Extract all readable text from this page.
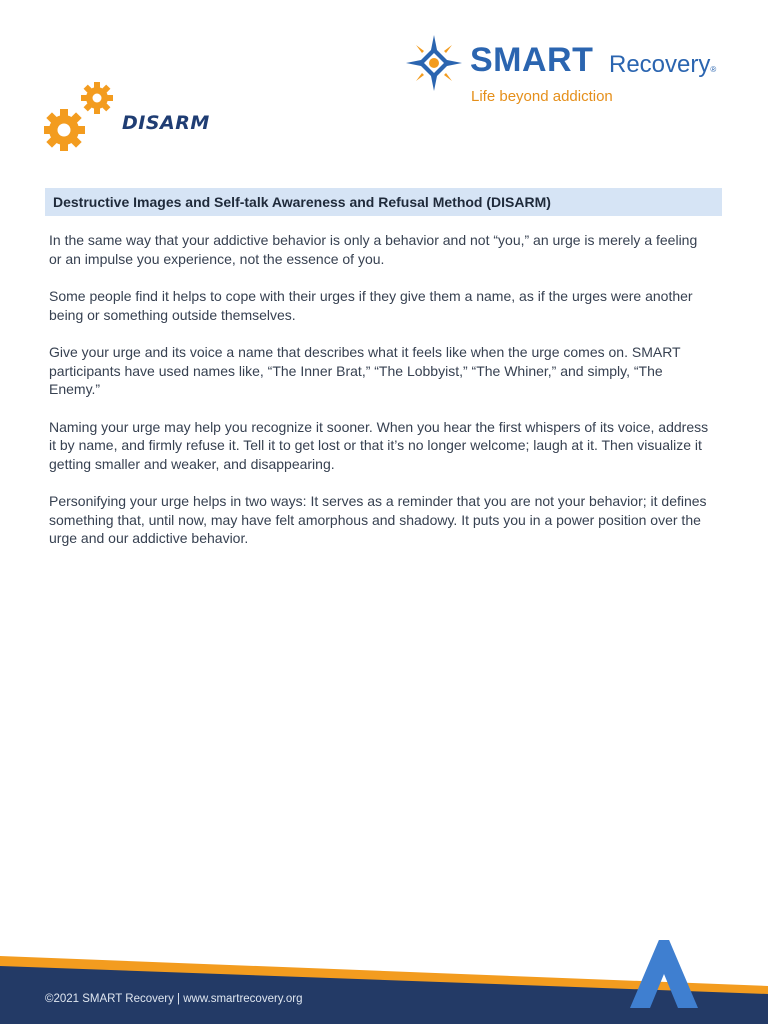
DISARM
SMART Recovery®
Life beyond addiction
Destructive Images and Self-talk Awareness and Refusal Method (DISARM)

In the same way that your addictive behavior is only a behavior and not “you,” an urge is merely a feeling or an impulse you experience, not the essence of you.

Some people find it helps to cope with their urges if they give them a name, as if the urges were another being or something outside themselves.

Give your urge and its voice a name that describes what it feels like when the urge comes on. SMART participants have used names like, “The Inner Brat,” “The Lobbyist,” “The Whiner,” and simply, “The Enemy.”

Naming your urge may help you recognize it sooner. When you hear the first whispers of its voice, address it by name, and firmly refuse it. Tell it to get lost or that it’s no longer welcome; laugh at it. Then visualize it getting smaller and weaker, and disappearing.

Personifying your urge helps in two ways: It serves as a reminder that you are not your behavior; it defines something that, until now, may have felt amorphous and shadowy. It puts you in a power position over the urge and our addictive behavior.

©2021 SMART Recovery | www.smartrecovery.org
